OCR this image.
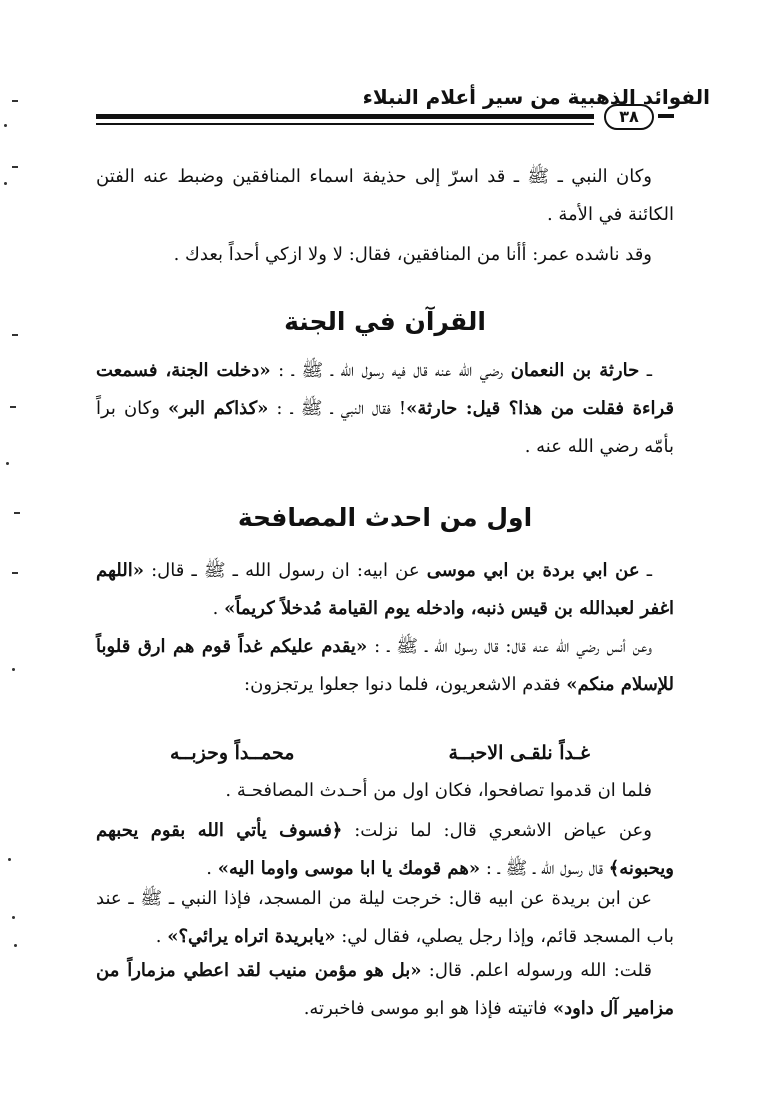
الفوائد الذهبية من سير أعلام النبلاء
٣٨
وكان النبي ـ ﷺ ـ قد اسرّ إلى حذيفة اسماء المنافقين وضبط عنه الفتن الكائنة في الأمة .
وقد ناشده عمر: أأنا من المنافقين، فقال: لا ولا ازكي أحداً بعدك .
القرآن في الجنة
ـ حارثة بن النعمان رضي الله عنه قال فيه رسول الله ـ ﷺ ـ : «دخلت الجنة، فسمعت قراءة فقلت من هذا؟ قيل: حارثة»! فقال النبي ـ ﷺ ـ : «كذاكم البر» وكان براً بأمّه رضي الله عنه .
اول من احدث المصافحة
ـ عن ابي بردة بن ابي موسى عن ابيه: ان رسول الله ـ ﷺ ـ قال: «اللهم اغفر لعبدالله بن قيس ذنبه، وادخله يوم القيامة مُدخلاً كريماً» .
وعن أنس رضي الله عنه قال: قال رسول الله ـ ﷺ ـ : «يقدم عليكم غداً قوم هم ارق قلوباً للإسلام منكم» فقدم الاشعريون، فلما دنوا جعلوا يرتجزون:
غـداً نلقـى الاحبــة
محمــداً وحزبــه
فلما ان قدموا تصافحوا، فكان اول من أحـدث المصافحـة .
وعن عياض الاشعري قال: لما نزلت: ﴿فسوف يأتي الله بقوم يحبهم ويحبونه﴾ قال رسول الله ـ ﷺ ـ : «هم قومك يا ابا موسى واوما اليه» .
عن ابن بريدة عن ابيه قال: خرجت ليلة من المسجد، فإذا النبي ـ ﷺ ـ عند باب المسجد قائم، وإذا رجل يصلي، فقال لي: «يابريدة اتراه يرائي؟» .
قلت: الله ورسوله اعلم. قال: «بل هو مؤمن منيب لقد اعطي مزماراً من مزامير آل داود» فاتيته فإذا هو ابو موسى فاخبرته.
